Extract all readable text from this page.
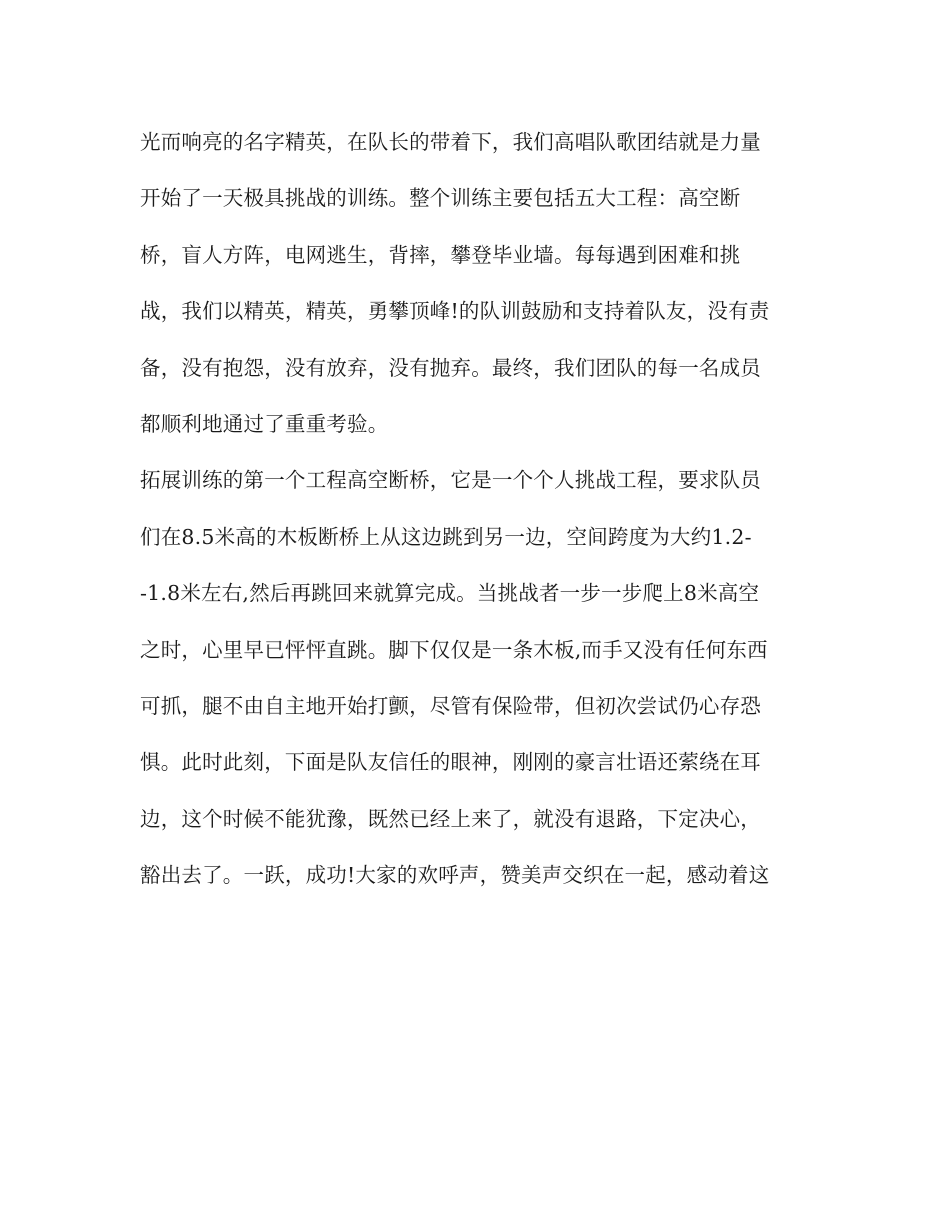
光而响亮的名字精英，在队长的带着下，我们高唱队歌团结就是力量
开始了一天极具挑战的训练。整个训练主要包括五大工程：高空断
桥，盲人方阵，电网逃生，背摔，攀登毕业墙。每每遇到困难和挑
战，我们以精英，精英，勇攀顶峰!的队训鼓励和支持着队友，没有责
备，没有抱怨，没有放弃，没有抛弃。最终，我们团队的每一名成员
都顺利地通过了重重考验。
拓展训练的第一个工程高空断桥，它是一个个人挑战工程，要求队员
们在8.5米高的木板断桥上从这边跳到另一边，空间跨度为大约1.2-
-1.8米左右,然后再跳回来就算完成。当挑战者一步一步爬上8米高空
之时，心里早已怦怦直跳。脚下仅仅是一条木板,而手又没有任何东西
可抓，腿不由自主地开始打颤，尽管有保险带，但初次尝试仍心存恐
惧。此时此刻，下面是队友信任的眼神，刚刚的豪言壮语还萦绕在耳
边，这个时候不能犹豫，既然已经上来了，就没有退路，下定决心，
豁出去了。一跃，成功!大家的欢呼声，赞美声交织在一起，感动着这
